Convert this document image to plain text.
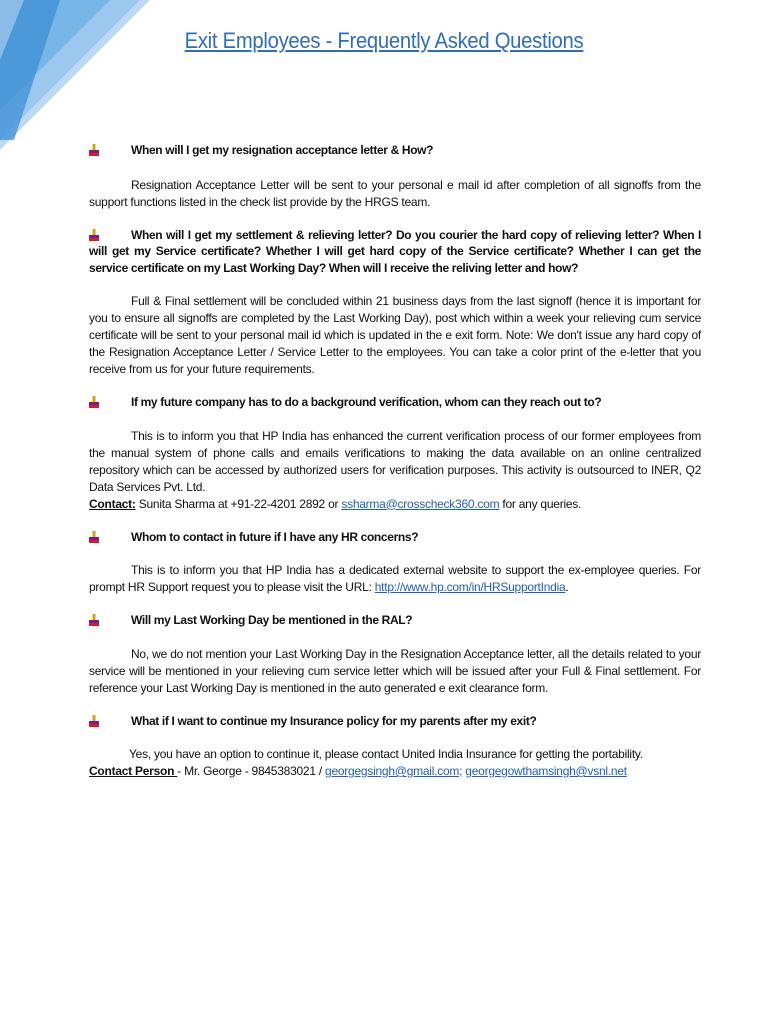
Exit Employees - Frequently Asked Questions

When will I get my resignation acceptance letter & How?

Resignation Acceptance Letter will be sent to your personal e mail id after completion of all signoffs from the support functions listed in the check list provide by the HRGS team.

When will I get my settlement & relieving letter? Do you courier the hard copy of relieving letter? When I will get my Service certificate? Whether I will get hard copy of the Service certificate? Whether I can get the service certificate on my Last Working Day? When will I receive the reliving letter and how?

Full & Final settlement will be concluded within 21 business days from the last signoff (hence it is important for you to ensure all signoffs are completed by the Last Working Day), post which within a week your relieving cum service certificate will be sent to your personal mail id which is updated in the e exit form. Note: We don't issue any hard copy of the Resignation Acceptance Letter / Service Letter to the employees. You can take a color print of the e-letter that you receive from us for your future requirements.

If my future company has to do a background verification, whom can they reach out to?

This is to inform you that HP India has enhanced the current verification process of our former employees from the manual system of phone calls and emails verifications to making the data available on an online centralized repository which can be accessed by authorized users for verification purposes. This activity is outsourced to INER, Q2 Data Services Pvt. Ltd.
Contact: Sunita Sharma at +91-22-4201 2892 or ssharma@crosscheck360.com for any queries.

Whom to contact in future if I have any HR concerns?

This is to inform you that HP India has a dedicated external website to support the ex-employee queries. For prompt HR Support request you to please visit the URL: http://www.hp.com/in/HRSupportIndia.

Will my Last Working Day be mentioned in the RAL?

No, we do not mention your Last Working Day in the Resignation Acceptance letter, all the details related to your service will be mentioned in your relieving cum service letter which will be issued after your Full & Final settlement. For reference your Last Working Day is mentioned in the auto generated e exit clearance form.

What if I want to continue my Insurance policy for my parents after my exit?

Yes, you have an option to continue it, please contact United India Insurance for getting the portability.
Contact Person - Mr. George - 9845383021 / georgegsingh@gmail.com; georgegowthamsingh@vsnl.net
